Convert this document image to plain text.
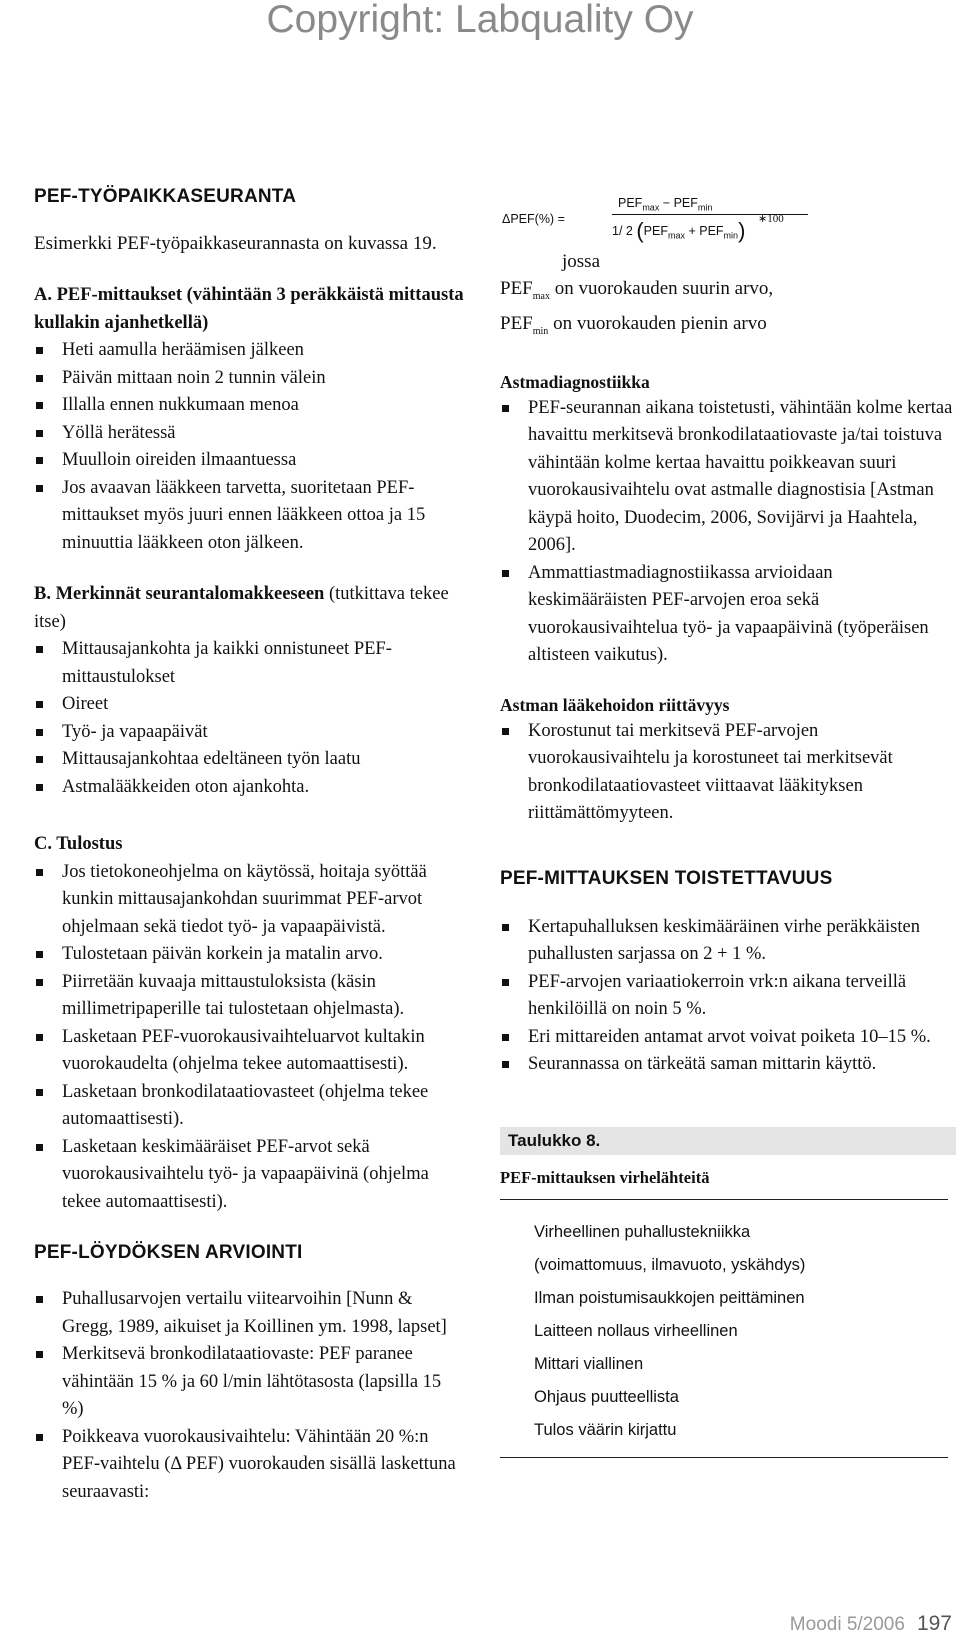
Copyright: Labquality Oy
PEF-TYÖPAIKKASEURANTA
Esimerkki PEF-työpaikkaseurannasta on kuvassa 19.
A. PEF-mittaukset (vähintään 3 peräkkäistä mittausta kullakin ajanhetkellä)
Heti aamulla heräämisen jälkeen
Päivän mittaan noin 2 tunnin välein
Illalla ennen nukkumaan menoa
Yöllä herätessä
Muulloin oireiden ilmaantuessa
Jos avaavan lääkkeen tarvetta, suoritetaan PEF-mittaukset myös juuri ennen lääkkeen ottoa ja 15 minuuttia lääkkeen oton jälkeen.
B. Merkinnät seurantalomakkeeseen (tutkittava tekee itse)
Mittausajankohta ja kaikki onnistuneet PEF-mittaustulokset
Oireet
Työ- ja vapaapäivät
Mittausajankohtaa edeltäneen työn laatu
Astmalääkkeiden oton ajankohta.
C. Tulostus
Jos tietokoneohjelma on käytössä, hoitaja syöttää kunkin mittausajankohdan suurimmat PEF-arvot ohjelmaan sekä tiedot työ- ja vapaapäivistä.
Tulostetaan päivän korkein ja matalin arvo.
Piirretään kuvaaja mittaustuloksista (käsin millimetripaperille tai tulostetaan ohjelmasta).
Lasketaan PEF-vuorokausivaihteluarvot kultakin vuorokaudelta (ohjelma tekee automaattisesti).
Lasketaan bronkodilataatiovasteet (ohjelma tekee automaattisesti).
Lasketaan keskimääräiset PEF-arvot sekä vuorokausivaihtelu työ- ja vapaapäivinä (ohjelma tekee automaattisesti).
PEF-LÖYDÖKSEN ARVIOINTI
Puhallusarvojen vertailu viitearvoihin [Nunn & Gregg, 1989, aikuiset ja Koillinen ym. 1998, lapset]
Merkitsevä bronkodilataatiovaste: PEF paranee vähintään 15 % ja 60 l/min lähtötasosta (lapsilla 15 %)
Poikkeava vuorokausivaihtelu: Vähintään 20 %:n PEF-vaihtelu (Δ PEF) vuorokauden sisällä laskettuna seuraavasti:
ΔPEF(%) =
$PEF_{max} - PEF_{min}$
1/ 2 $(PEF_{max} + PEF_{min})$ ∗100
jossa
$PEF_{max}$ on vuorokauden suurin arvo,
$PEF_{min}$ on vuorokauden pienin arvo
Astmadiagnostiikka
PEF-seurannan aikana toistetusti, vähintään kolme kertaa havaittu merkitsevä bronkodilataatiovaste ja/tai toistuva vähintään kolme kertaa havaittu poikkeavan suuri vuorokausivaihtelu ovat astmalle diagnostisia [Astman käypä hoito, Duodecim, 2006, Sovijärvi ja Haahtela, 2006].
Ammattiastmadiagnostiikassa arvioidaan keskimääräisten PEF-arvojen eroa sekä vuorokausivaihtelua työ- ja vapaapäivinä (työperäisen altisteen vaikutus).
Astman lääkehoidon riittävyys
Korostunut tai merkitsevä PEF-arvojen vuorokausivaihtelu ja korostuneet tai merkitsevät bronkodilataatiovasteet viittaavat lääkityksen riittämättömyyteen.
PEF-MITTAUKSEN TOISTETTAVUUS
Kertapuhalluksen keskimääräinen virhe peräkkäisten puhallusten sarjassa on 2 + 1 %.
PEF-arvojen variaatiokerroin vrk:n aikana terveillä henkilöillä on noin 5 %.
Eri mittareiden antamat arvot voivat poiketa 10–15 %.
Seurannassa on tärkeätä saman mittarin käyttö.
Taulukko 8.
PEF-mittauksen virhelähteitä
Virheellinen puhallustekniikka
(voimattomuus, ilmavuoto, yskähdys)
Ilman poistumisaukkojen peittäminen
Laitteen nollaus virheellinen
Mittari viallinen
Ohjaus puutteellista
Tulos väärin kirjattu
Moodi 5/2006 197
